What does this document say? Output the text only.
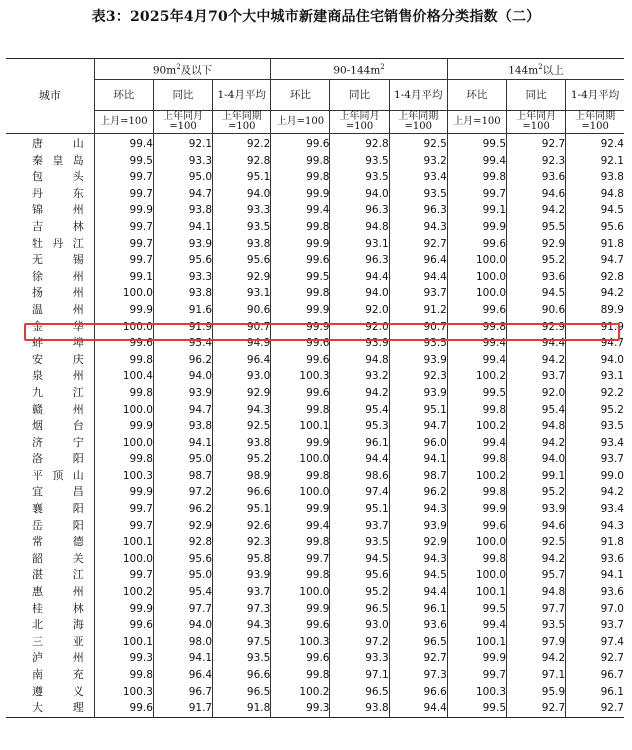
表3：2025年4月70个大中城市新建商品住宅销售价格分类指数（二）
城市	$90m^2$及以下			$90-144m^2$			$144m^2$以上		
	环比	同比	1-4月平均	环比	同比	1-4月平均	环比	同比	1-4月平均
	上月=100	上年同月=100	上年同期=100	上月=100	上年同月=100	上年同期=100	上月=100	上年同月=100	上年同期=100
唐山	99.4	92.1	92.2	99.6	92.8	92.5	99.5	92.7	92.4
秦皇岛	99.5	93.3	92.8	99.8	93.5	93.2	99.4	92.3	92.1
包头	99.7	95.0	95.1	99.8	93.5	93.4	99.8	93.6	93.8
丹东	99.7	94.7	94.0	99.9	94.0	93.5	99.7	94.6	94.8
锦州	99.9	93.8	93.3	99.4	96.3	96.3	99.1	94.2	94.5
吉林	99.7	94.1	93.5	99.8	94.8	94.3	99.9	95.5	95.6
牡丹江	99.7	93.9	93.8	99.9	93.1	92.7	99.6	92.9	91.8
无锡	99.7	95.6	95.6	99.6	96.3	96.4	100.0	95.2	94.7
徐州	99.1	93.3	92.9	99.5	94.4	94.4	100.0	93.6	92.8
扬州	100.0	93.8	93.1	99.8	94.0	93.7	100.0	94.5	94.2
温州	99.9	91.6	90.6	99.9	92.0	91.2	99.6	90.6	89.9
金华	100.0	91.9	90.7	99.9	92.0	90.7	99.8	92.9	91.9
蚌埠	99.6	95.4	94.9	99.6	93.9	93.5	99.4	94.4	94.7
安庆	99.8	96.2	96.4	99.6	94.8	93.9	99.4	94.2	94.0
泉州	100.4	94.0	93.0	100.3	93.2	92.3	100.2	93.7	93.1
九江	99.8	93.9	92.9	99.6	94.2	93.9	99.5	92.0	92.2
赣州	100.0	94.7	94.3	99.8	95.4	95.1	99.8	95.4	95.2
烟台	99.9	93.8	92.5	100.1	95.3	94.7	100.2	94.8	93.5
济宁	100.0	94.1	93.8	99.9	96.1	96.0	99.4	94.2	93.4
洛阳	99.8	95.0	95.2	100.0	94.4	94.1	99.8	94.0	93.7
平顶山	100.3	98.7	98.9	99.8	98.6	98.7	100.2	99.1	99.0
宜昌	99.9	97.2	96.6	100.0	97.4	96.2	99.8	95.2	94.2
襄阳	99.7	96.2	95.1	99.9	95.1	94.3	99.9	93.9	93.4
岳阳	99.7	92.9	92.6	99.4	93.7	93.9	99.6	94.6	94.3
常德	100.1	92.8	92.3	99.8	93.5	92.9	100.0	92.5	91.8
韶关	100.0	95.6	95.8	99.7	94.5	94.3	99.8	94.2	93.6
湛江	99.7	95.0	93.9	99.8	95.6	94.5	100.0	95.7	94.1
惠州	100.2	95.4	93.7	100.0	95.2	94.4	100.1	94.8	93.6
桂林	99.9	97.7	97.3	99.9	96.5	96.1	99.5	97.7	97.0
北海	99.6	94.0	94.3	99.6	93.0	93.6	99.4	93.5	93.7
三亚	100.1	98.0	97.5	100.3	97.2	96.5	100.1	97.9	97.4
泸州	99.3	94.1	93.5	99.6	93.3	92.7	99.9	94.2	92.7
南充	99.8	96.4	96.6	99.8	97.1	97.3	99.7	97.1	96.7
遵义	100.3	96.7	96.5	100.2	96.5	96.6	100.3	95.9	96.1
大理	99.6	91.7	91.8	99.3	93.8	94.4	99.5	92.7	92.7
